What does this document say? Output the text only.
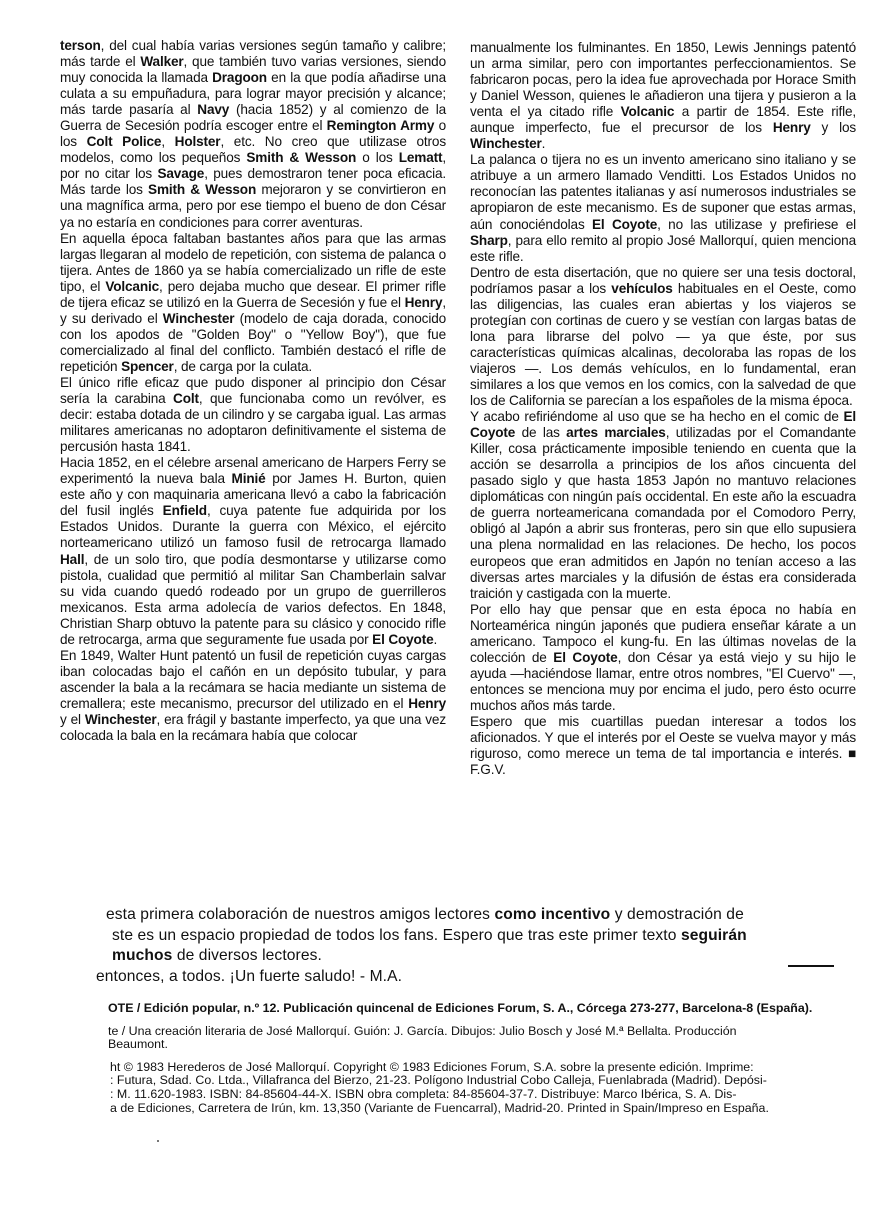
terson, del cual había varias versiones según tamaño y calibre; más tarde el Walker, que también tuvo varias versiones, siendo muy conocida la llamada Dragoon en la que podía añadirse una culata a su empuñadura, para lograr mayor precisión y alcance; más tarde pasaría al Navy (hacia 1852) y al comienzo de la Guerra de Secesión podría escoger entre el Remington Army o los Colt Police, Holster, etc. No creo que utilizase otros modelos, como los pequeños Smith & Wesson o los Lematt, por no citar los Savage, pues demostraron tener poca eficacia. Más tarde los Smith & Wesson mejoraron y se convirtieron en una magnífica arma, pero por ese tiempo el bueno de don César ya no estaría en condiciones para correr aventuras.

En aquella época faltaban bastantes años para que las armas largas llegaran al modelo de repetición, con sistema de palanca o tijera. Antes de 1860 ya se había comercializado un rifle de este tipo, el Volcanic, pero dejaba mucho que desear. El primer rifle de tijera eficaz se utilizó en la Guerra de Secesión y fue el Henry, y su derivado el Winchester (modelo de caja dorada, conocido con los apodos de ''Golden Boy'' o ''Yellow Boy''), que fue comercializado al final del conflicto. También destacó el rifle de repetición Spencer, de carga por la culata.

El único rifle eficaz que pudo disponer al principio don César sería la carabina Colt, que funcionaba como un revólver, es decir: estaba dotada de un cilindro y se cargaba igual. Las armas militares americanas no adoptaron definitivamente el sistema de percusión hasta 1841.

Hacia 1852, en el célebre arsenal americano de Harpers Ferry se experimentó la nueva bala Minié por James H. Burton, quien este año y con maquinaria americana llevó a cabo la fabricación del fusil inglés Enfield, cuya patente fue adquirida por los Estados Unidos. Durante la guerra con México, el ejército norteamericano utilizó un famoso fusil de retrocarga llamado Hall, de un solo tiro, que podía desmontarse y utilizarse como pistola, cualidad que permitió al militar San Chamberlain salvar su vida cuando quedó rodeado por un grupo de guerrilleros mexicanos. Esta arma adolecía de varios defectos. En 1848, Christian Sharp obtuvo la patente para su clásico y conocido rifle de retrocarga, arma que seguramente fue usada por El Coyote.

En 1849, Walter Hunt patentó un fusil de repetición cuyas cargas iban colocadas bajo el cañón en un depósito tubular, y para ascender la bala a la recámara se hacia mediante un sistema de cremallera; este mecanismo, precursor del utilizado en el Henry y el Winchester, era frágil y bastante imperfecto, ya que una vez colocada la bala en la recámara había que colocar

manualmente los fulminantes. En 1850, Lewis Jennings patentó un arma similar, pero con importantes perfeccionamientos. Se fabricaron pocas, pero la idea fue aprovechada por Horace Smith y Daniel Wesson, quienes le añadieron una tijera y pusieron a la venta el ya citado rifle Volcanic a partir de 1854. Este rifle, aunque imperfecto, fue el precursor de los Henry y los Winchester.

La palanca o tijera no es un invento americano sino italiano y se atribuye a un armero llamado Venditti. Los Estados Unidos no reconocían las patentes italianas y así numerosos industriales se apropiaron de este mecanismo. Es de suponer que estas armas, aún conociéndolas El Coyote, no las utilizase y prefiriese el Sharp, para ello remito al propio José Mallorquí, quien menciona este rifle.

Dentro de esta disertación, que no quiere ser una tesis doctoral, podríamos pasar a los vehículos habituales en el Oeste, como las diligencias, las cuales eran abiertas y los viajeros se protegían con cortinas de cuero y se vestían con largas batas de lona para librarse del polvo — ya que éste, por sus características químicas alcalinas, decoloraba las ropas de los viajeros —. Los demás vehículos, en lo fundamental, eran similares a los que vemos en los comics, con la salvedad de que los de California se parecían a los españoles de la misma época.

Y acabo refiriéndome al uso que se ha hecho en el comic de El Coyote de las artes marciales, utilizadas por el Comandante Killer, cosa prácticamente imposible teniendo en cuenta que la acción se desarrolla a principios de los años cincuenta del pasado siglo y que hasta 1853 Japón no mantuvo relaciones diplomáticas con ningún país occidental. En este año la escuadra de guerra norteamericana comandada por el Comodoro Perry, obligó al Japón a abrir sus fronteras, pero sin que ello supusiera una plena normalidad en las relaciones. De hecho, los pocos europeos que eran admitidos en Japón no tenían acceso a las diversas artes marciales y la difusión de éstas era considerada traición y castigada con la muerte.

Por ello hay que pensar que en esta época no había en Norteamérica ningún japonés que pudiera enseñar kárate a un americano. Tampoco el kung-fu. En las últimas novelas de la colección de El Coyote, don César ya está viejo y su hijo le ayuda —haciéndose llamar, entre otros nombres, ''El Cuervo'' —, entonces se menciona muy por encima el judo, pero ésto ocurre muchos años más tarde.

Espero que mis cuartillas puedan interesar a todos los aficionados. Y que el interés por el Oeste se vuelva mayor y más riguroso, como merece un tema de tal importancia e interés. ■ F.G.V.

esta primera colaboración de nuestros amigos lectores como incentivo y demostración de
ste es un espacio propiedad de todos los fans. Espero que tras este primer texto seguirán
muchos de diversos lectores.
entonces, a todos. ¡Un fuerte saludo! - M.A.
OTE / Edición popular, n.º 12. Publicación quincenal de Ediciones Forum, S. A., Córcega 273-277, Barcelona-8 (España).
te / Una creación literaria de José Mallorquí. Guión: J. García. Dibujos: Julio Bosch y José M.ª Bellalta. Producción
Beaumont.
ht © 1983 Herederos de José Mallorquí. Copyright © 1983 Ediciones Forum, S.A. sobre la presente edición. Imprime:
: Futura, Sdad. Co. Ltda., Villafranca del Bierzo, 21-23. Polígono Industrial Cobo Calleja, Fuenlabrada (Madrid). Depósi-
: M. 11.620-1983. ISBN: 84-85604-44-X. ISBN obra completa: 84-85604-37-7. Distribuye: Marco Ibérica, S. A. Dis-
a de Ediciones, Carretera de Irún, km. 13,350 (Variante de Fuencarral), Madrid-20. Printed in Spain/Impreso en España.
